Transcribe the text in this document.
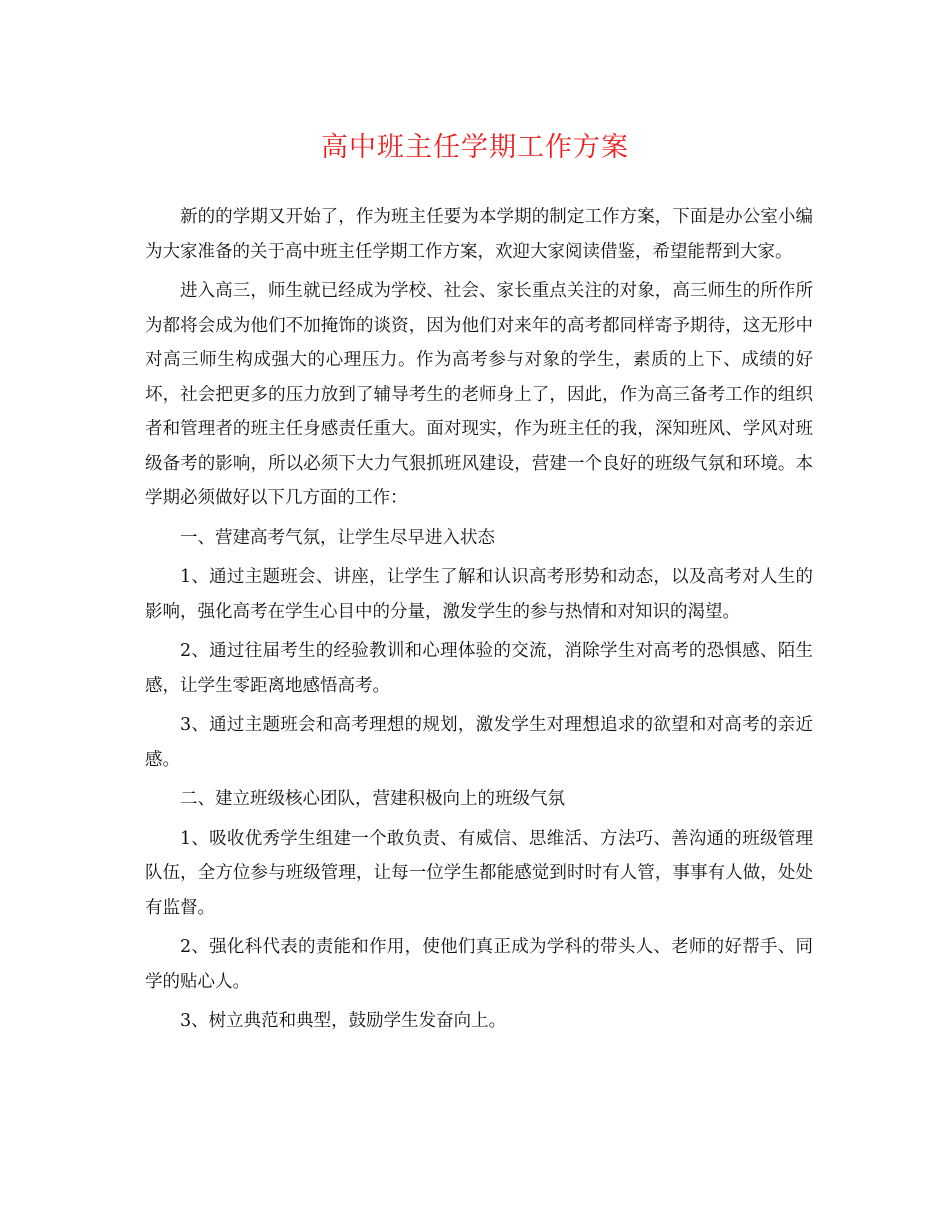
高中班主任学期工作方案

新的的学期又开始了，作为班主任要为本学期的制定工作方案，下面是办公室小编为大家准备的关于高中班主任学期工作方案，欢迎大家阅读借鉴，希望能帮到大家。

进入高三，师生就已经成为学校、社会、家长重点关注的对象，高三师生的所作所为都将会成为他们不加掩饰的谈资，因为他们对来年的高考都同样寄予期待，这无形中对高三师生构成强大的心理压力。作为高考参与对象的学生，素质的上下、成绩的好坏，社会把更多的压力放到了辅导考生的老师身上了，因此，作为高三备考工作的组织者和管理者的班主任身感责任重大。面对现实，作为班主任的我，深知班风、学风对班级备考的影响，所以必须下大力气狠抓班风建设，营建一个良好的班级气氛和环境。本学期必须做好以下几方面的工作：

一、营建高考气氛，让学生尽早进入状态

1、通过主题班会、讲座，让学生了解和认识高考形势和动态，以及高考对人生的影响，强化高考在学生心目中的分量，激发学生的参与热情和对知识的渴望。

2、通过往届考生的经验教训和心理体验的交流，消除学生对高考的恐惧感、陌生感，让学生零距离地感悟高考。

3、通过主题班会和高考理想的规划，激发学生对理想追求的欲望和对高考的亲近感。

二、建立班级核心团队，营建积极向上的班级气氛

1、吸收优秀学生组建一个敢负责、有威信、思维活、方法巧、善沟通的班级管理队伍，全方位参与班级管理，让每一位学生都能感觉到时时有人管，事事有人做，处处有监督。

2、强化科代表的责能和作用，使他们真正成为学科的带头人、老师的好帮手、同学的贴心人。

3、树立典范和典型，鼓励学生发奋向上。
